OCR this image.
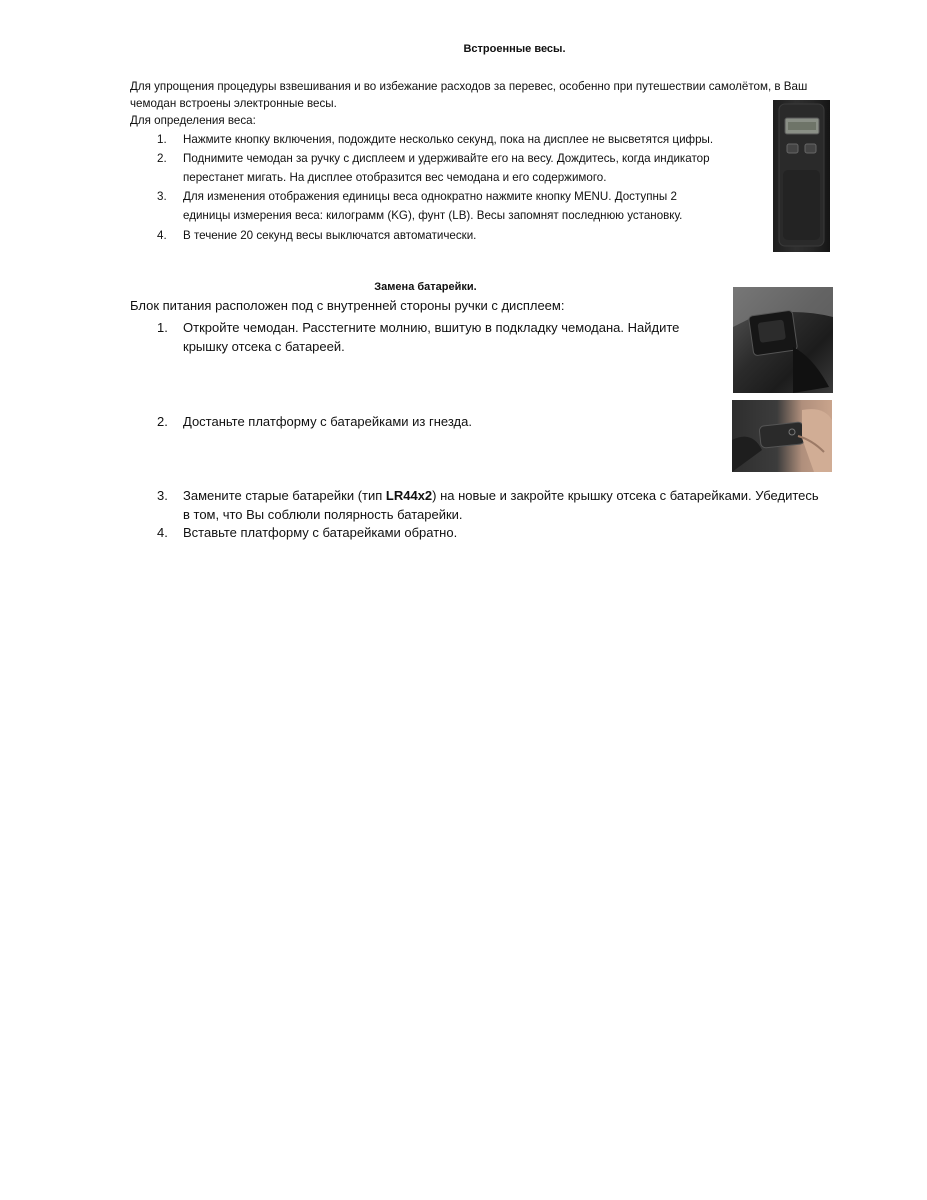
Встроенные весы.
Для упрощения процедуры взвешивания и во избежание расходов за перевес, особенно при путешествии самолётом, в Ваш
чемодан встроены электронные весы.
Для определения веса:
1. Нажмите кнопку включения, подождите несколько секунд, пока на дисплее не высветятся цифры.
2. Поднимите чемодан за ручку с дисплеем и удерживайте его на весу. Дождитесь, когда индикатор
перестанет мигать. На дисплее отобразится вес чемодана и его содержимого.
3. Для изменения отображения единицы веса однократно нажмите кнопку MENU. Доступны 2
единицы измерения веса: килограмм (KG), фунт (LB). Весы запомнят последнюю установку.
4. В течение 20 секунд весы выключатся автоматически.
Замена батарейки.
Блок питания расположен под с внутренней стороны ручки с дисплеем:
1. Откройте чемодан. Расстегните молнию, вшитую в подкладку чемодана. Найдите
крышку отсека с батареей.
2. Достаньте платформу с батарейками из гнезда.
3. Замените старые батарейки (тип LR44x2) на новые и закройте крышку отсека с батарейками. Убедитесь
в том, что Вы соблюли полярность батарейки.
4. Вставьте платформу с батарейками обратно.
